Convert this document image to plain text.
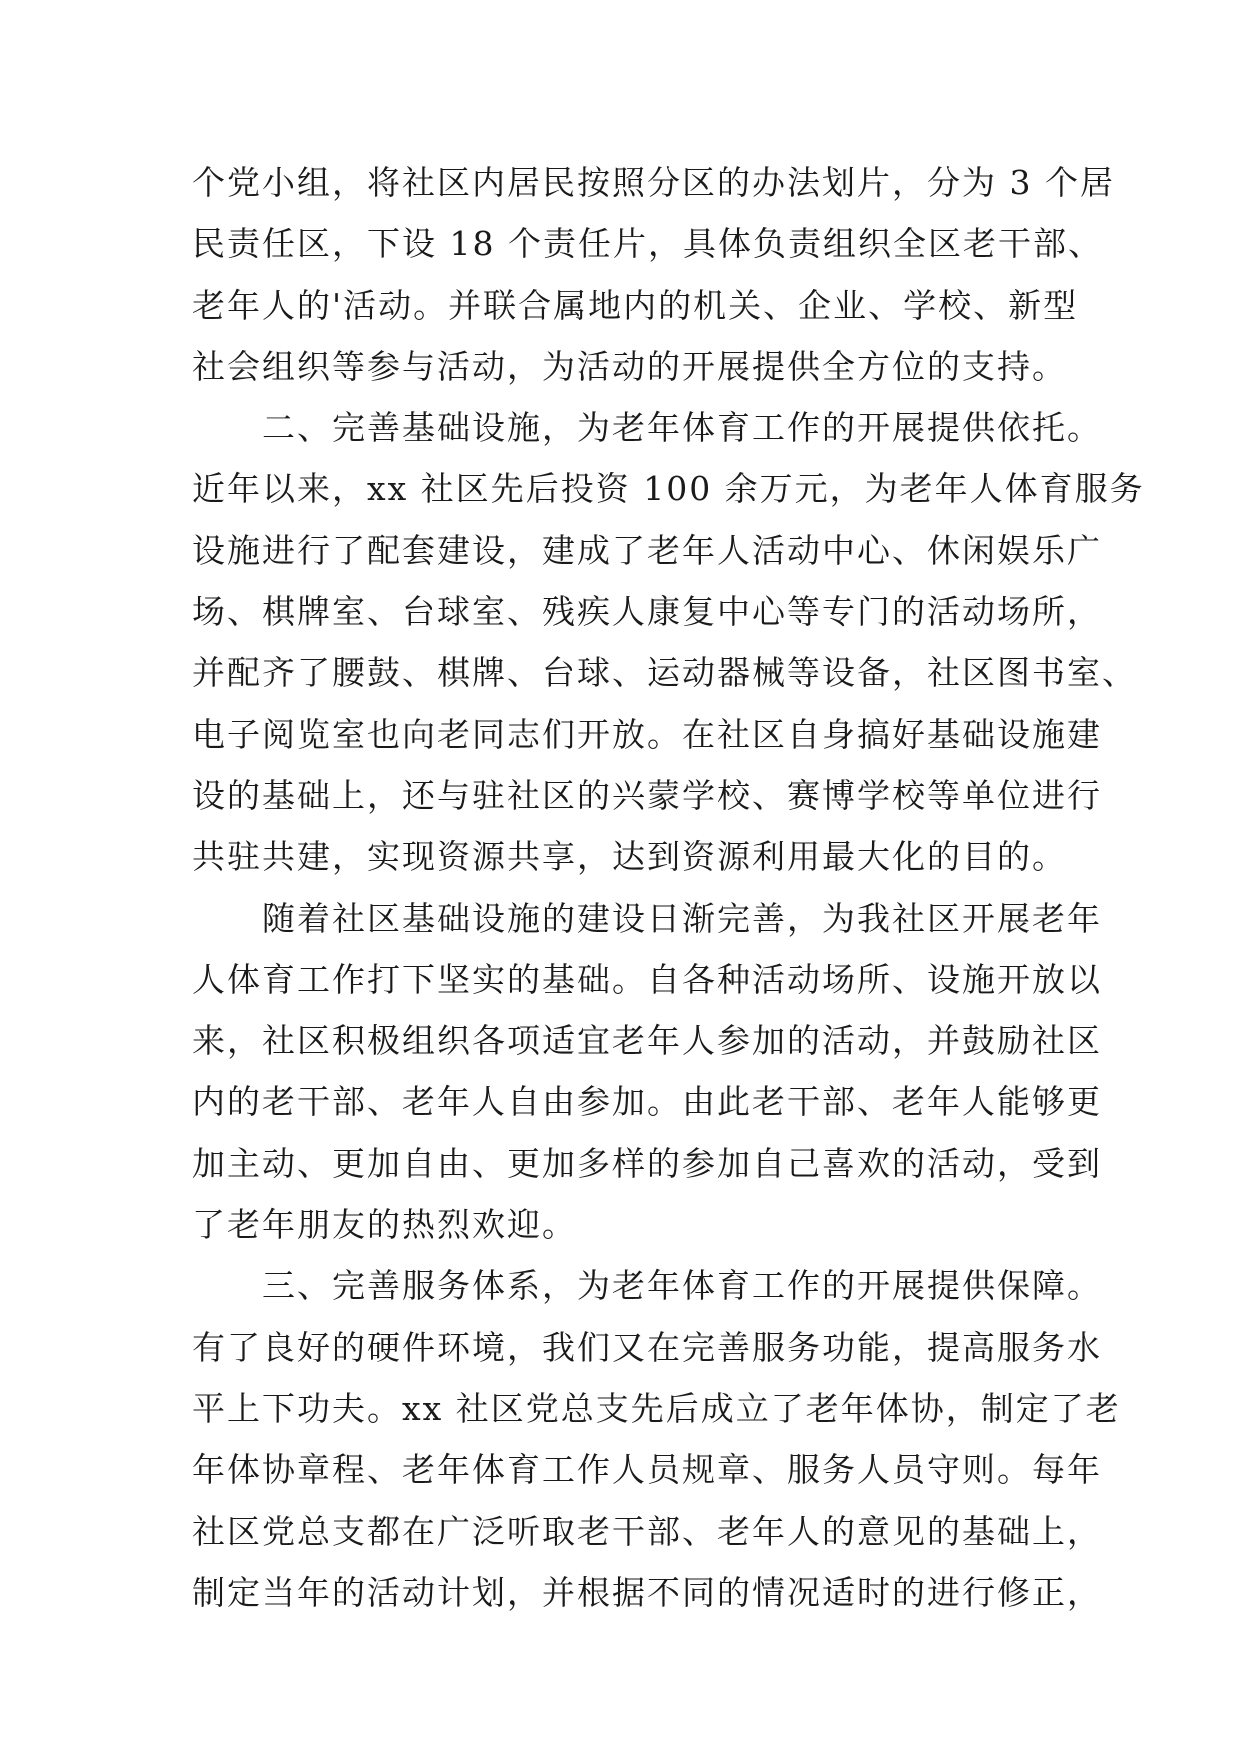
个党小组，将社区内居民按照分区的办法划片，分为 3 个居
民责任区，下设 18 个责任片，具体负责组织全区老干部、
老年人的'活动。并联合属地内的机关、企业、学校、新型
社会组织等参与活动，为活动的开展提供全方位的支持。
　　二、完善基础设施，为老年体育工作的开展提供依托。
近年以来，xx 社区先后投资 100 余万元，为老年人体育服务
设施进行了配套建设，建成了老年人活动中心、休闲娱乐广
场、棋牌室、台球室、残疾人康复中心等专门的活动场所，
并配齐了腰鼓、棋牌、台球、运动器械等设备，社区图书室、
电子阅览室也向老同志们开放。在社区自身搞好基础设施建
设的基础上，还与驻社区的兴蒙学校、赛博学校等单位进行
共驻共建，实现资源共享，达到资源利用最大化的目的。
　　随着社区基础设施的建设日渐完善，为我社区开展老年
人体育工作打下坚实的基础。自各种活动场所、设施开放以
来，社区积极组织各项适宜老年人参加的活动，并鼓励社区
内的老干部、老年人自由参加。由此老干部、老年人能够更
加主动、更加自由、更加多样的参加自己喜欢的活动，受到
了老年朋友的热烈欢迎。
　　三、完善服务体系，为老年体育工作的开展提供保障。
有了良好的硬件环境，我们又在完善服务功能，提高服务水
平上下功夫。xx 社区党总支先后成立了老年体协，制定了老
年体协章程、老年体育工作人员规章、服务人员守则。每年
社区党总支都在广泛听取老干部、老年人的意见的基础上，
制定当年的活动计划，并根据不同的情况适时的进行修正，
